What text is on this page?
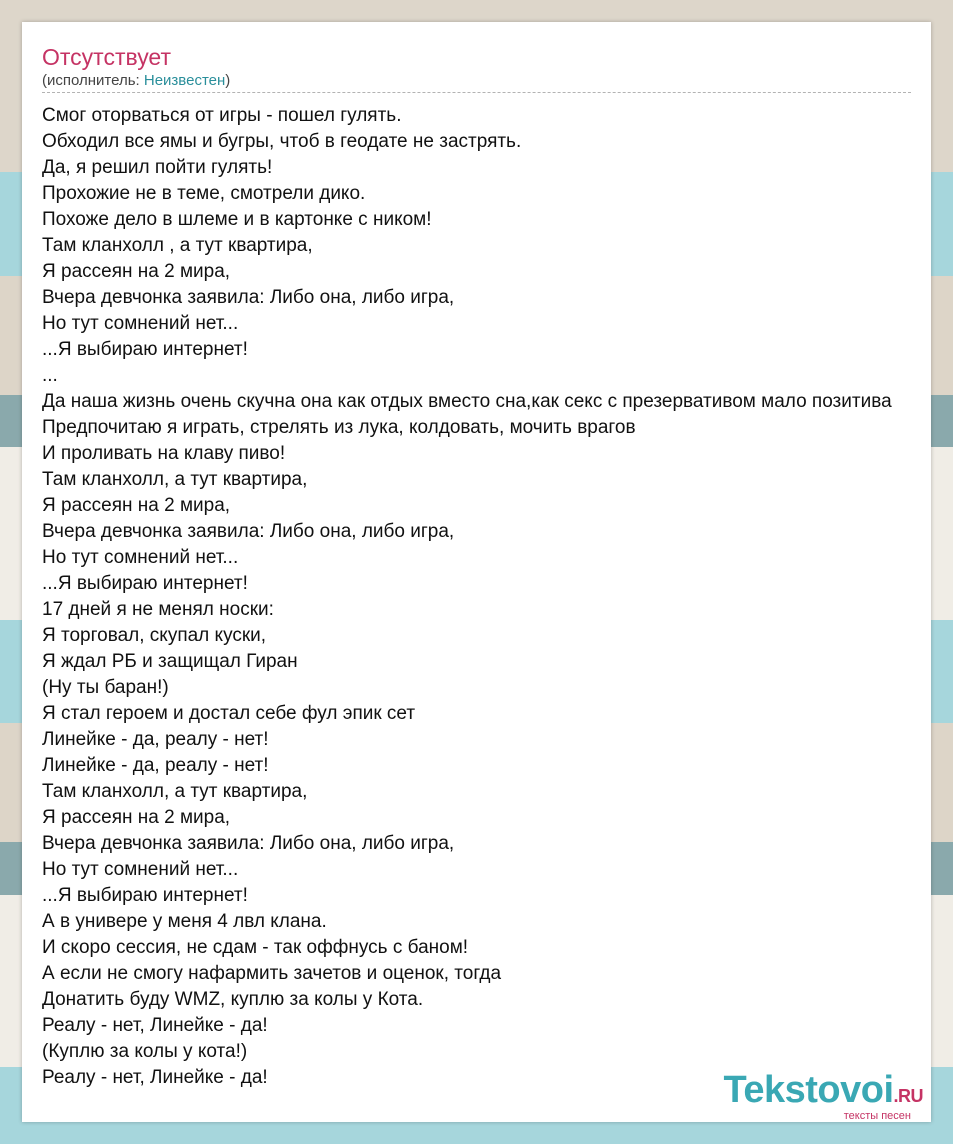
Отсутствует
(исполнитель: Неизвестен)
Смог оторваться от игры - пошел гулять.
Обходил все ямы и бугры, чтоб в геодате не застрять.
Да, я решил пойти гулять!
Прохожие не в теме, смотрели дико.
Похоже дело в шлеме и в картонке с ником!
Там кланхолл , а тут квартира,
Я рассеян на 2 мира,
Вчера девчонка заявила: Либо она, либо игра,
Но тут сомнений нет...
...Я выбираю интернет!
...
Да наша жизнь очень скучна она как отдых вместо сна,как секс с презервативом мало позитива
Предпочитаю я играть, стрелять из лука, колдовать, мочить врагов
И проливать на клаву пиво!
Там кланхолл, а тут квартира,
Я рассеян на 2 мира,
Вчера девчонка заявила: Либо она, либо игра,
Но тут сомнений нет...
...Я выбираю интернет!
17 дней я не менял носки:
Я торговал, скупал куски,
Я ждал РБ и защищал Гиран
(Ну ты баран!)
Я стал героем и достал себе фул эпик сет
Линейке - да, реалу - нет!
Линейке - да, реалу - нет!
Там кланхолл, а тут квартира,
Я рассеян на 2 мира,
Вчера девчонка заявила: Либо она, либо игра,
Но тут сомнений нет...
...Я выбираю интернет!
А в универе у меня 4 лвл клана.
И скоро сессия, не сдам - так оффнусь с баном!
А если не смогу нафармить зачетов и оценок, тогда
Донатить буду WMZ, куплю за колы у Кота.
Реалу - нет, Линейке - да!
(Куплю за колы у кота!)
Реалу - нет, Линейке - да!	Tekstovoi.RU
тексты песен
